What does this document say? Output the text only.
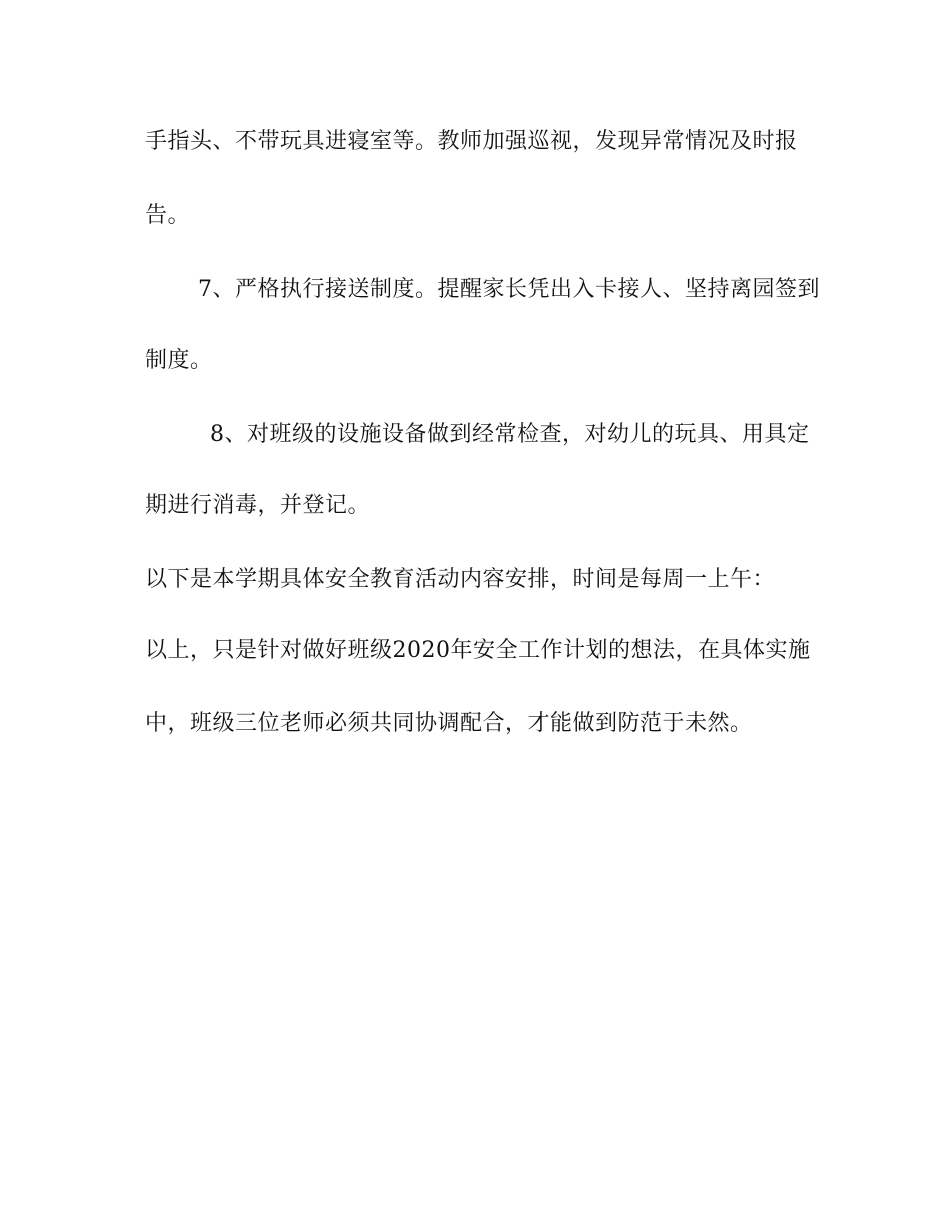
手指头、不带玩具进寝室等。教师加强巡视，发现异常情况及时报
告。
7、严格执行接送制度。提醒家长凭出入卡接人、坚持离园签到
制度。
8、对班级的设施设备做到经常检查，对幼儿的玩具、用具定
期进行消毒，并登记。
以下是本学期具体安全教育活动内容安排，时间是每周一上午：
以上，只是针对做好班级2020年安全工作计划的想法，在具体实施
中，班级三位老师必须共同协调配合，才能做到防范于未然。
